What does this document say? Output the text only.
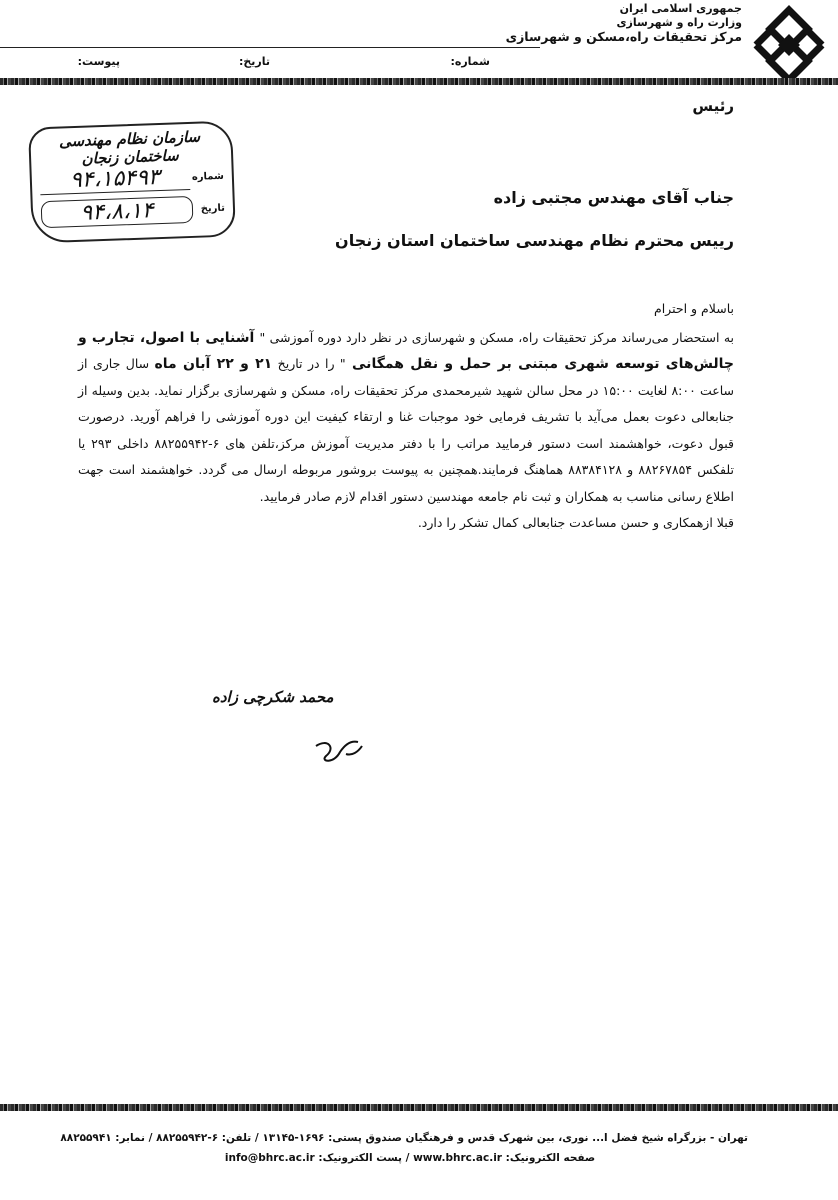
جمهوری اسلامی ایران
وزارت راه و شهرسازی
مرکز تحقیقات راه،مسکن و شهرسازی
شماره:
تاریخ:
پیوست:
رئیس
سازمان نظام مهندسی ساختمان زنجان
شماره
۹۴،۱۵۴۹۳
تاریخ
۹۴،۸،۱۴
جناب آقای مهندس مجتبی زاده
رییس محترم نظام مهندسی ساختمان استان زنجان

باسلام و احترام

به استحضار می‌رساند مرکز تحقیقات راه، مسکن و شهرسازی در نظر دارد دوره آموزشی " آشنایی با اصول، تجارب و چالش‌های توسعه شهری مبتنی بر حمل و نقل همگانی " را در تاریخ ۲۱ و ۲۲ آبان ماه سال جاری از ساعت ۸:۰۰ لغایت ۱۵:۰۰ در محل سالن شهید شیرمحمدی مرکز تحقیقات راه، مسکن و شهرسازی برگزار نماید. بدین وسیله از جنابعالی دعوت بعمل می‌آید با تشریف فرمایی خود موجبات غنا و ارتقاء کیفیت این دوره آموزشی را فراهم آورید. درصورت قبول دعوت، خواهشمند است دستور فرمایید مراتب را با دفتر مدیریت آموزش مرکز،تلفن های ۶-۸۸۲۵۵۹۴۲ داخلی ۲۹۳ یا تلفکس ۸۸۲۶۷۸۵۴ و ۸۸۳۸۴۱۲۸ هماهنگ فرمایند.همچنین به پیوست بروشور مربوطه ارسال می گردد. خواهشمند است جهت اطلاع رسانی مناسب به همکاران و ثبت نام جامعه مهندسین دستور اقدام لازم صادر فرمایید.

قبلا ازهمکاری و حسن مساعدت جنابعالی کمال تشکر را دارد.

محمد شکرچی زاده
تهران - بزرگراه شیخ فضل ا... نوری، بین شهرک قدس و فرهنگیان صندوق پستی: ۱۶۹۶-۱۳۱۴۵ / تلفن: ۶-۸۸۲۵۵۹۴۲ / نمابر: ۸۸۲۵۵۹۴۱
صفحه الکترونیک: www.bhrc.ac.ir / پست الکترونیک: info@bhrc.ac.ir
